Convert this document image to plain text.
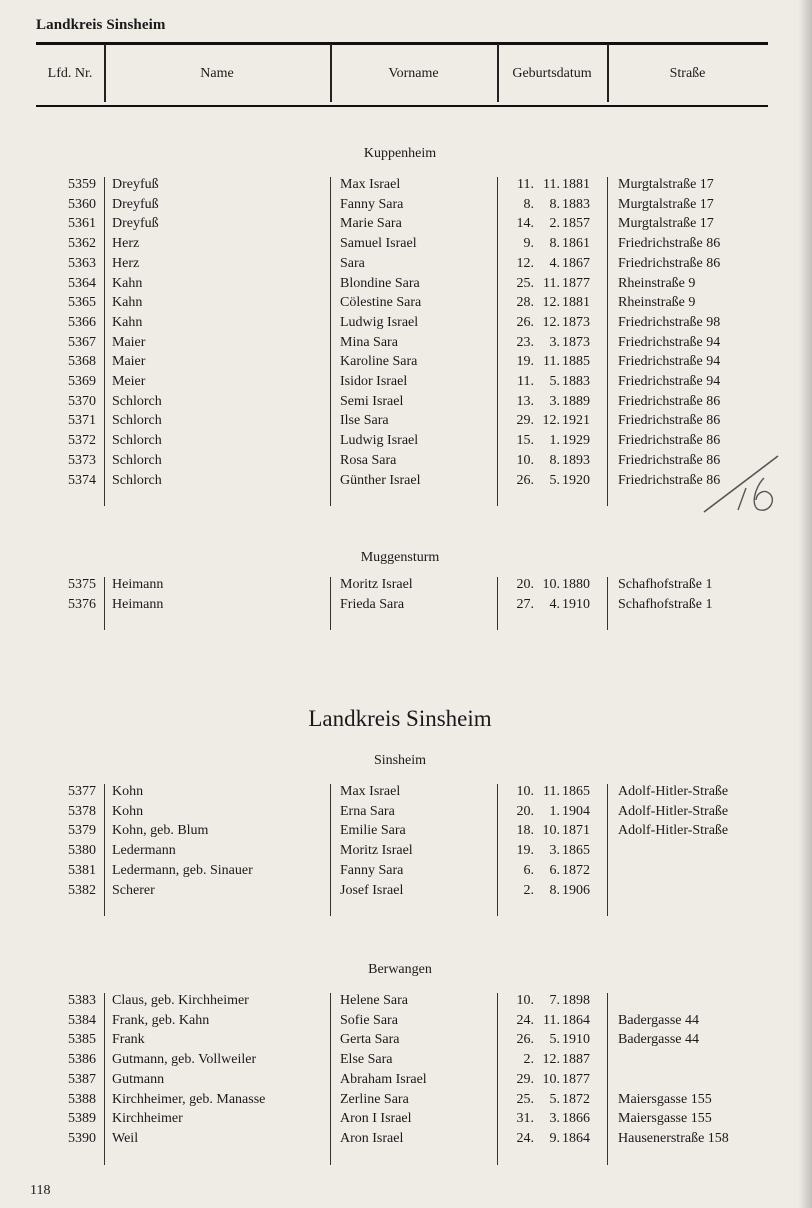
Landkreis Sinsheim
Lfd. Nr.	Name	Vorname	Geburtsdatum	Straße
Kuppenheim
5359 Dreyfuß	Max Israel	11. 11. 1881	Murgtalstraße 17
5360 Dreyfuß	Fanny Sara	8.	8. 1883	Murgtalstraße 17
5361 Dreyfuß	Marie Sara	14.	2. 1857	Murgtalstraße 17
5362 Herz	Samuel Israel	9.	8. 1861	Friedrichstraße 86
5363 Herz	Sara	12.	4. 1867	Friedrichstraße 86
5364 Kahn	Blondine Sara	25. 11. 1877	Rheinstraße 9
5365 Kahn	Cölestine Sara	28. 12. 1881	Rheinstraße 9
5366 Kahn	Ludwig Israel	26. 12. 1873	Friedrichstraße 98
5367 Maier	Mina Sara	23.	3. 1873	Friedrichstraße 94
5368 Maier	Karoline Sara	19. 11. 1885	Friedrichstraße 94
5369 Meier	Isidor Israel	11.	5. 1883	Friedrichstraße 94
5370 Schlorch	Semi Israel	13.	3. 1889	Friedrichstraße 86
5371 Schlorch	Ilse Sara	29. 12. 1921	Friedrichstraße 86
5372 Schlorch	Ludwig Israel	15.	1. 1929	Friedrichstraße 86
5373 Schlorch	Rosa Sara	10.	8. 1893	Friedrichstraße 86
5374 Schlorch	Günther Israel	26.	5. 1920	Friedrichstraße 86
Muggensturm
5375 Heimann	Moritz Israel	20. 10. 1880	Schafhofstraße 1
5376 Heimann	Frieda Sara	27.	4. 1910	Schafhofstraße 1
Sinsheim
5377 Kohn	Max Israel	10. 11. 1865	Adolf-Hitler-Straße
5378 Kohn	Erna Sara	20.	1. 1904	Adolf-Hitler-Straße
5379 Kohn, geb. Blum	Emilie Sara	18. 10. 1871	Adolf-Hitler-Straße
5380 Ledermann	Moritz Israel	19.	3. 1865
5381 Ledermann, geb. Sinauer	Fanny Sara	6.	6. 1872
5382 Scherer	Josef Israel	2.	8. 1906
Berwangen
5383 Claus, geb. Kirchheimer	Helene Sara	10.	7. 1898
5384 Frank, geb. Kahn	Sofie Sara	24. 11. 1864	Badergasse 44
5385 Frank	Gerta Sara	26.	5. 1910	Badergasse 44
5386 Gutmann, geb. Vollweiler	Else Sara	2. 12. 1887
5387 Gutmann	Abraham Israel	29. 10. 1877
5388 Kirchheimer, geb. Manasse	Zerline Sara	25.	5. 1872	Maiersgasse 155
5389 Kirchheimer	Aron I Israel	31.	3. 1866	Maiersgasse 155
5390 Weil	Aron Israel	24.	9. 1864	Hausenerstraße 158
Landkreis Sinsheim
16
118
